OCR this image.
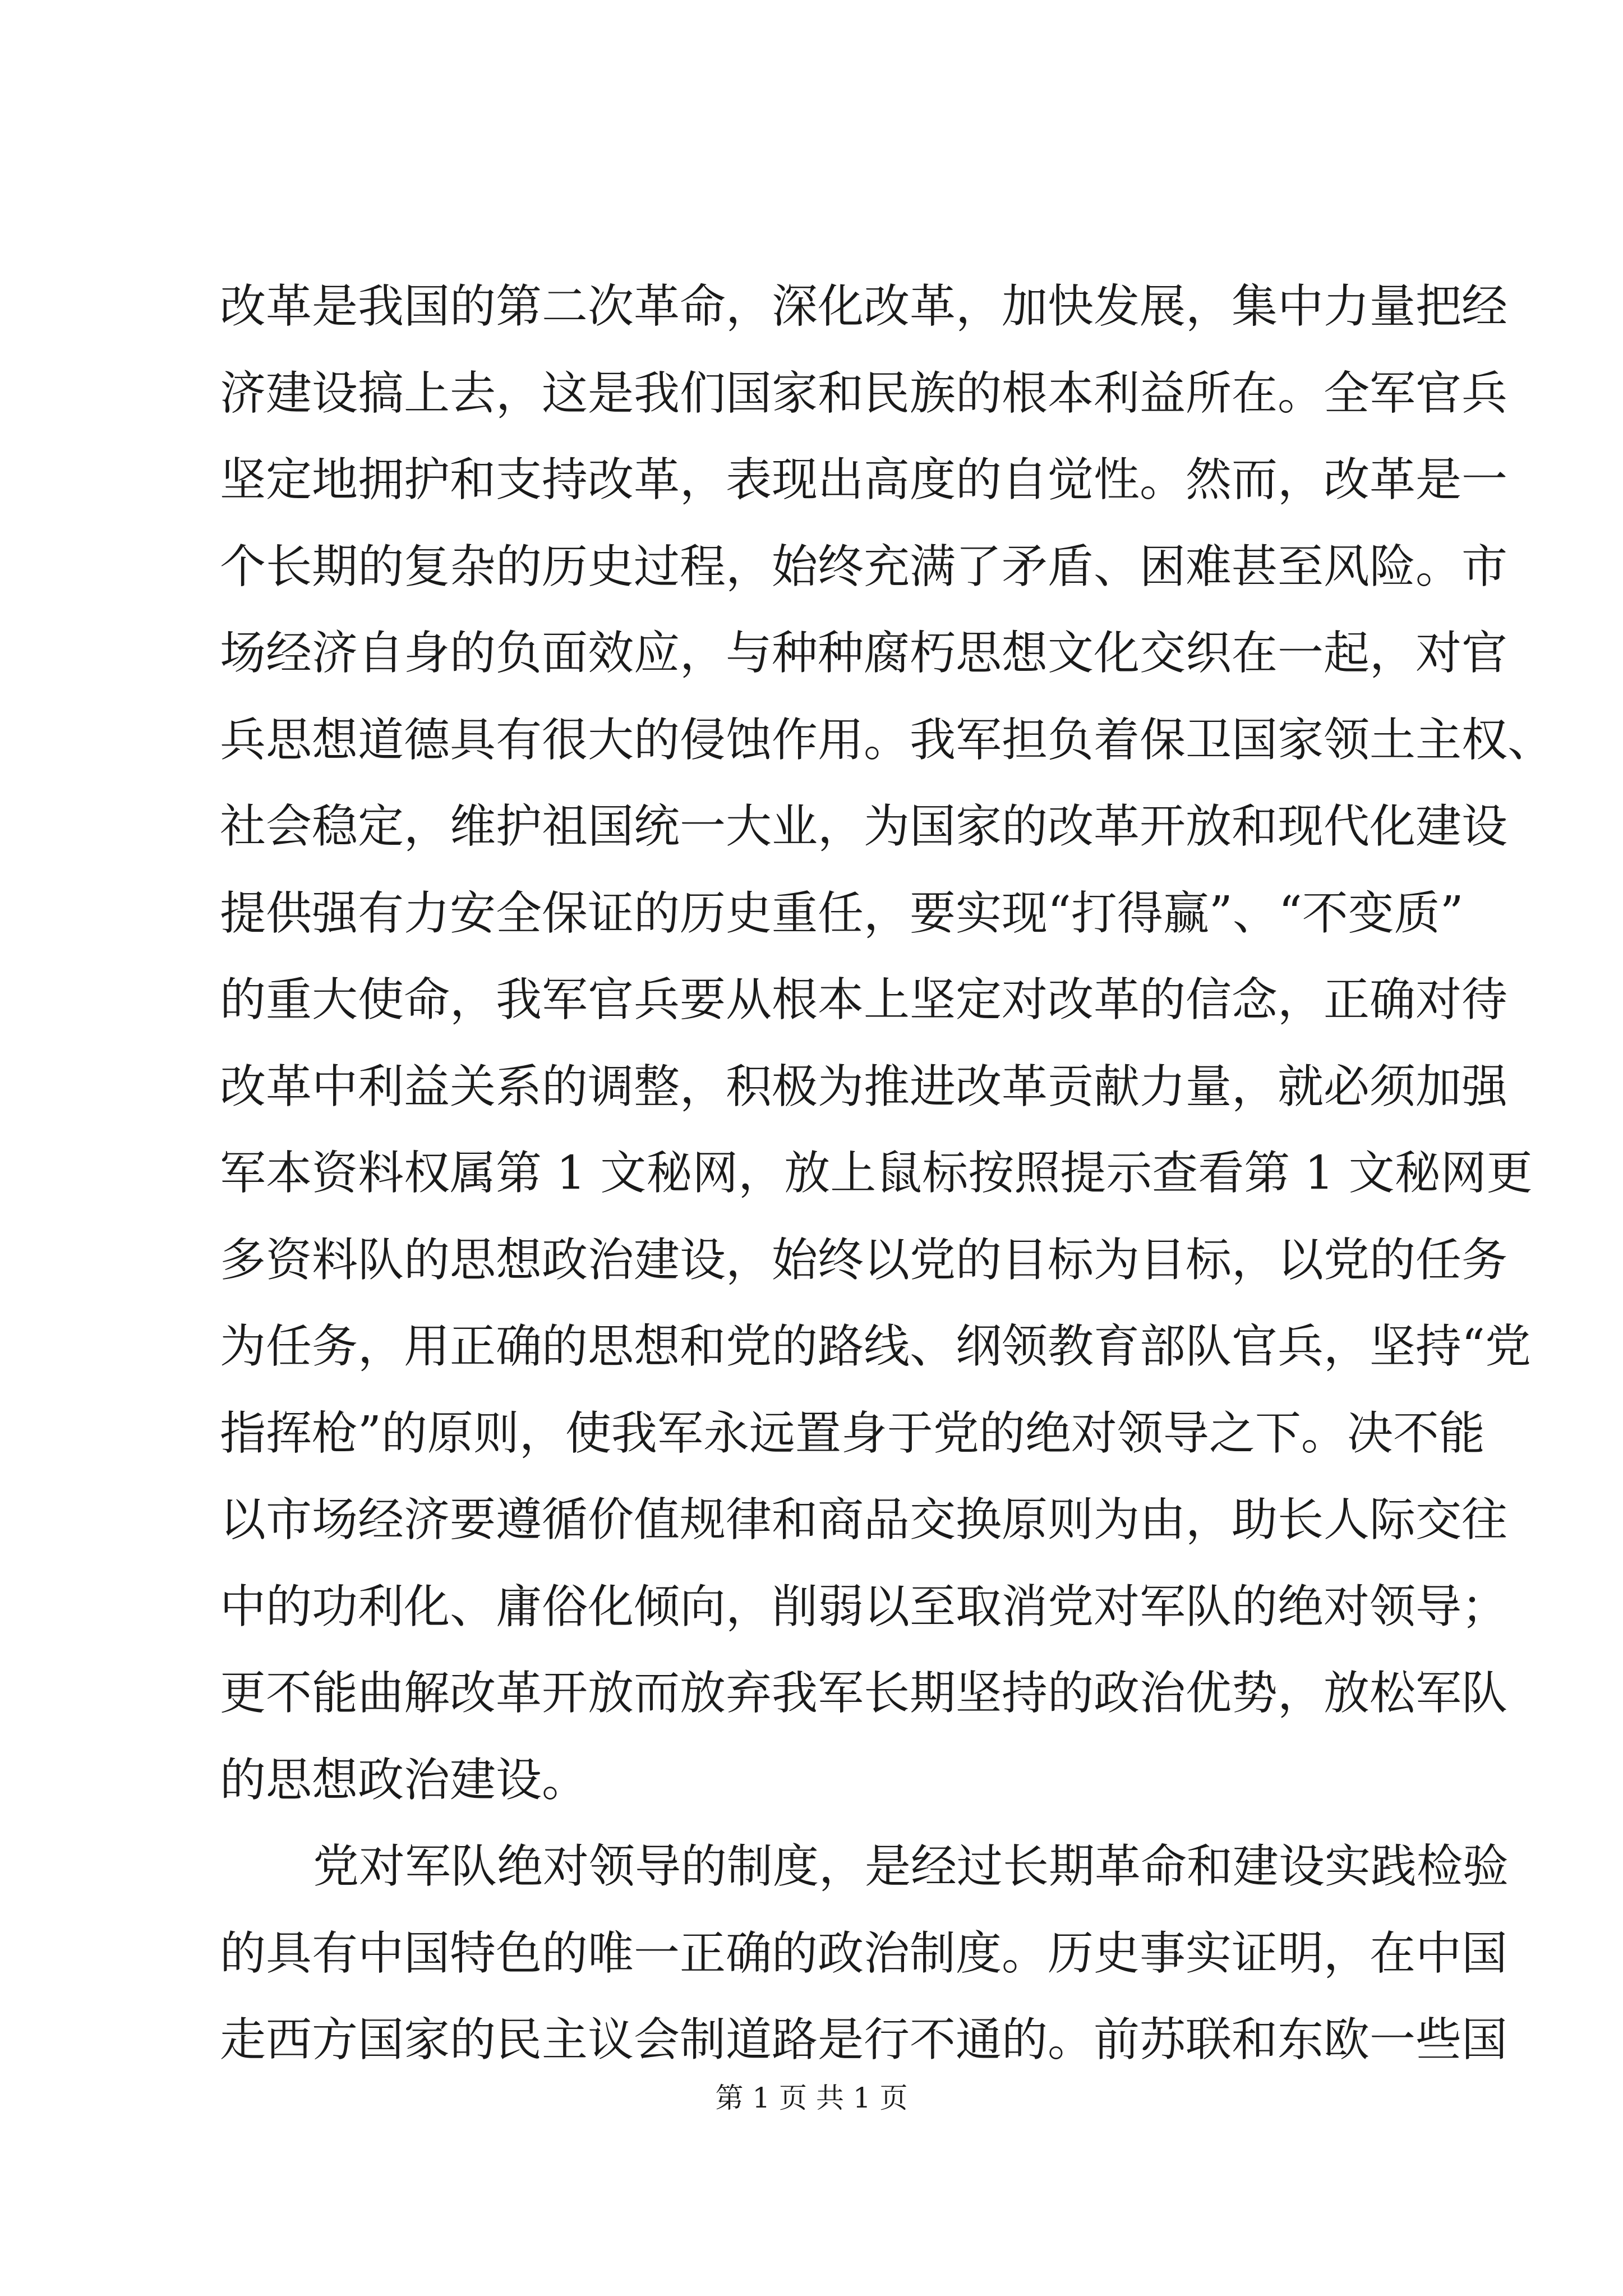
改革是我国的第二次革命，深化改革，加快发展，集中力量把经
济建设搞上去，这是我们国家和民族的根本利益所在。全军官兵
坚定地拥护和支持改革，表现出高度的自觉性。然而，改革是一
个长期的复杂的历史过程，始终充满了矛盾、困难甚至风险。市
场经济自身的负面效应，与种种腐朽思想文化交织在一起，对官
兵思想道德具有很大的侵蚀作用。我军担负着保卫国家领土主权、
社会稳定，维护祖国统一大业，为国家的改革开放和现代化建设
提供强有力安全保证的历史重任，要实现“打得赢”、“不变质”
的重大使命，我军官兵要从根本上坚定对改革的信念，正确对待
改革中利益关系的调整，积极为推进改革贡献力量，就必须加强
军本资料权属第 1 文秘网，放上鼠标按照提示查看第 1 文秘网更
多资料队的思想政治建设，始终以党的目标为目标，以党的任务
为任务，用正确的思想和党的路线、纲领教育部队官兵，坚持“党
指挥枪”的原则，使我军永远置身于党的绝对领导之下。决不能
以市场经济要遵循价值规律和商品交换原则为由，助长人际交往
中的功利化、庸俗化倾向，削弱以至取消党对军队的绝对领导；
更不能曲解改革开放而放弃我军长期坚持的政治优势，放松军队
的思想政治建设。
党对军队绝对领导的制度，是经过长期革命和建设实践检验
的具有中国特色的唯一正确的政治制度。历史事实证明，在中国
走西方国家的民主议会制道路是行不通的。前苏联和东欧一些国
第 1 页 共 1 页
